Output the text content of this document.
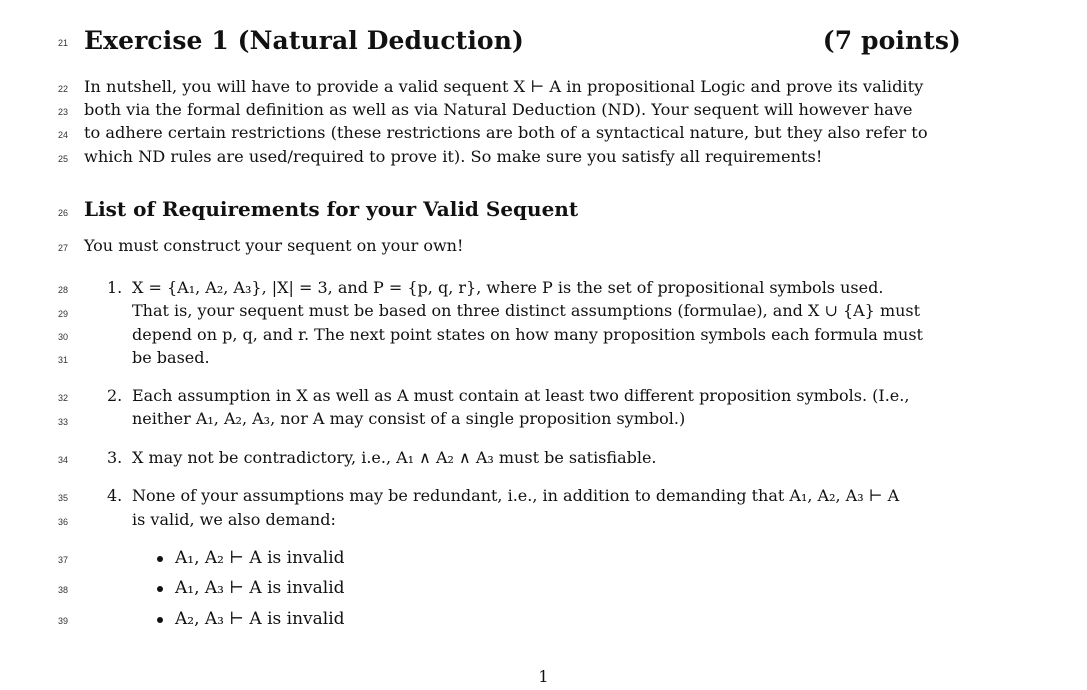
21
22
23
24
25
26
27
28
29
30
31
32
33
34
35
36
37
38
39
Exercise 1 (Natural Deduction)	(7 points)
In nutshell, you will have to provide a valid sequent X ⊢ A in propositional Logic and prove its validity
both via the formal definition as well as via Natural Deduction (ND). Your sequent will however have
to adhere certain restrictions (these restrictions are both of a syntactical nature, but they also refer to
which ND rules are used/required to prove it). So make sure you satisfy all requirements!
List of Requirements for your Valid Sequent
You must construct your sequent on your own!
1. X = {A₁, A₂, A₃}, |X| = 3, and P = {p, q, r}, where P is the set of propositional symbols used.
That is, your sequent must be based on three distinct assumptions (formulae), and X ∪ {A} must
depend on p, q, and r. The next point states on how many proposition symbols each formula must
be based.
2. Each assumption in X as well as A must contain at least two different proposition symbols. (I.e.,
neither A₁, A₂, A₃, nor A may consist of a single proposition symbol.)
3. X may not be contradictory, i.e., A₁ ∧ A₂ ∧ A₃ must be satisfiable.
4. None of your assumptions may be redundant, i.e., in addition to demanding that A₁, A₂, A₃ ⊢ A
is valid, we also demand:
A₁, A₂ ⊢ A is invalid
A₁, A₃ ⊢ A is invalid
A₂, A₃ ⊢ A is invalid
1
